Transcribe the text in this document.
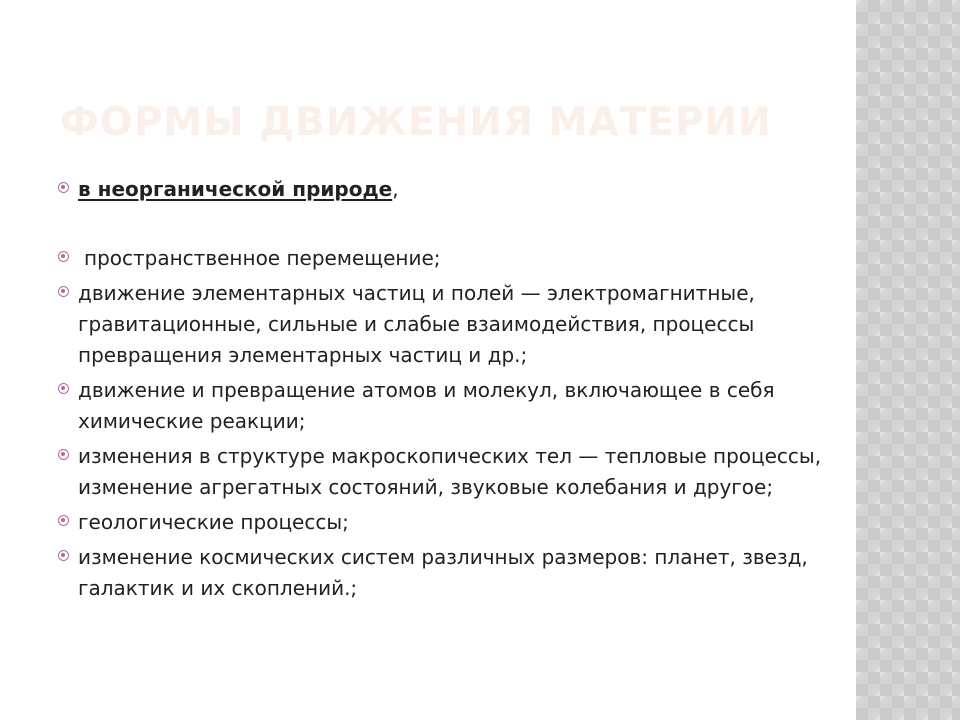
ФОРМЫ ДВИЖЕНИЯ МАТЕРИИ
в неорганической природе,
пространственное перемещение;
движение элементарных частиц и полей — электромагнитные, гравитационные, сильные и слабые взаимодействия, процессы превращения элементарных частиц и др.;
движение и превращение атомов и молекул, включающее в себя химические реакции;
изменения в структуре макроскопических тел — тепловые процессы, изменение агрегатных состояний, звуковые колебания и другое;
геологические процессы;
изменение космических систем различных размеров: планет, звезд, галактик и их скоплений.;
